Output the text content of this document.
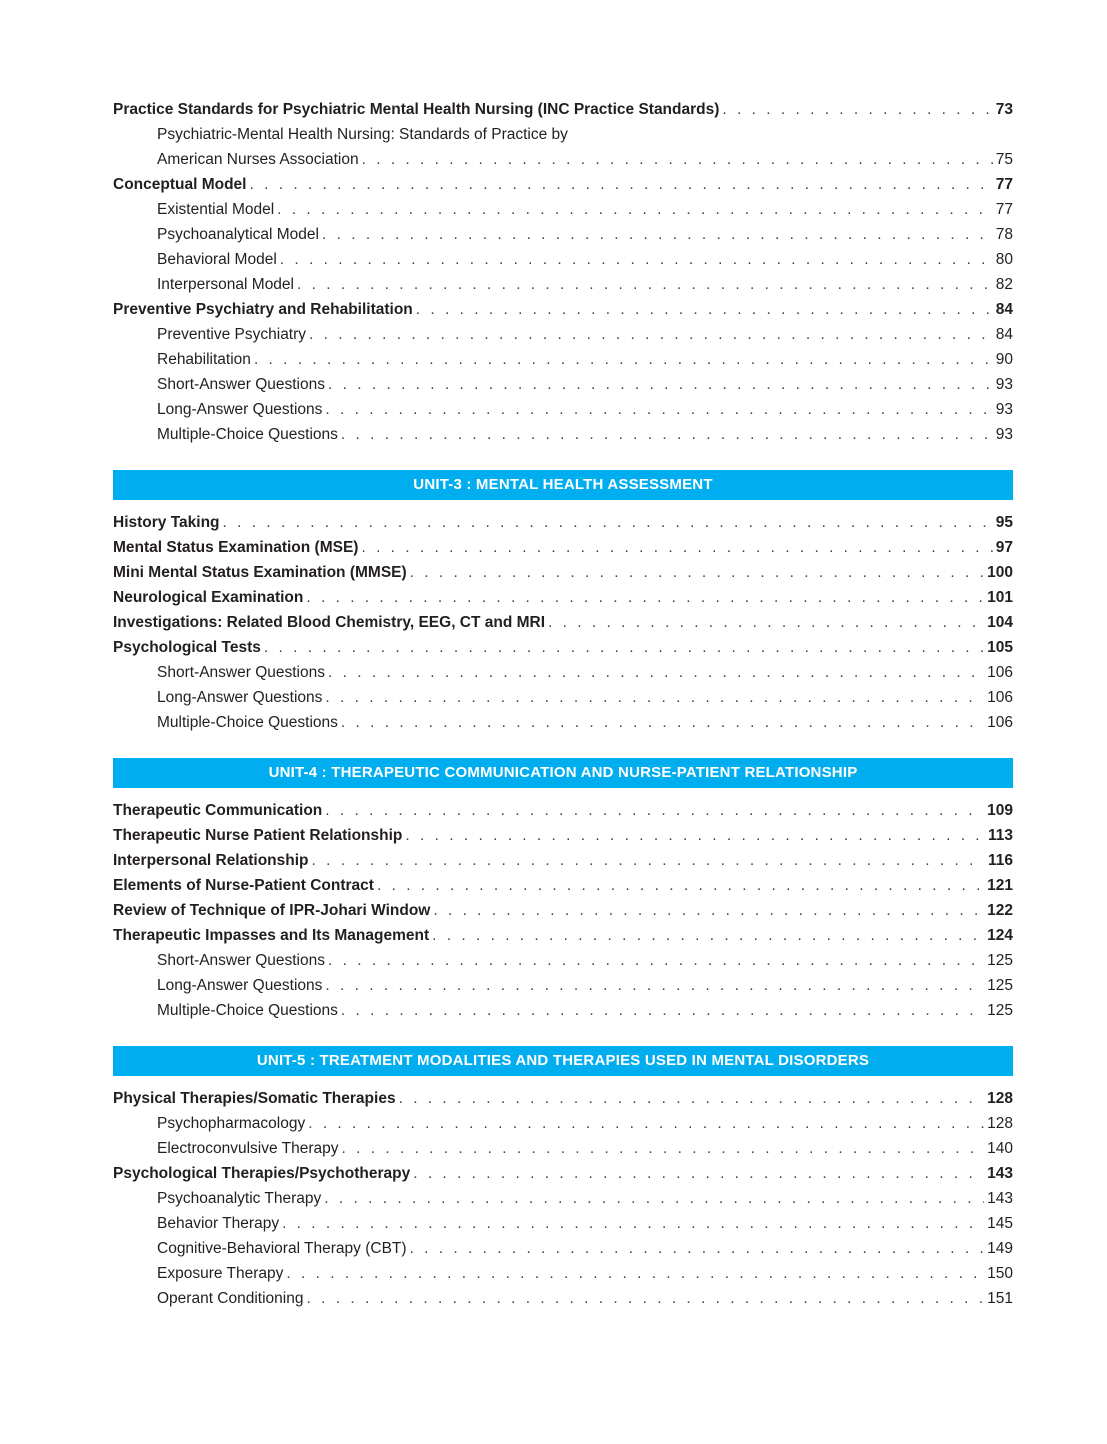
Practice Standards for Psychiatric Mental Health Nursing (INC Practice Standards) . . .	73
Psychiatric-Mental Health Nursing: Standards of Practice by
American Nurses Association . . .	75
Conceptual Model . . .	77
Existential Model . . .	77
Psychoanalytical Model . . .	78
Behavioral Model . . .	80
Interpersonal Model . . .	82
Preventive Psychiatry and Rehabilitation . . .	84
Preventive Psychiatry . . .	84
Rehabilitation . . .	90
Short-Answer Questions . . .	93
Long-Answer Questions . . .	93
Multiple-Choice Questions . . .	93
UNIT-3 : MENTAL HEALTH ASSESSMENT
History Taking . . .	95
Mental Status Examination (MSE) . . .	97
Mini Mental Status Examination (MMSE) . . .	100
Neurological Examination . . .	101
Investigations: Related Blood Chemistry, EEG, CT and MRI . . .	104
Psychological Tests . . .	105
Short-Answer Questions . . .	106
Long-Answer Questions . . .	106
Multiple-Choice Questions . . .	106
UNIT-4 : THERAPEUTIC COMMUNICATION AND NURSE-PATIENT RELATIONSHIP
Therapeutic Communication . . .	109
Therapeutic Nurse Patient Relationship . . .	113
Interpersonal Relationship . . .	116
Elements of Nurse-Patient Contract . . .	121
Review of Technique of IPR-Johari Window . . .	122
Therapeutic Impasses and Its Management . . .	124
Short-Answer Questions . . .	125
Long-Answer Questions . . .	125
Multiple-Choice Questions . . .	125
UNIT-5 : TREATMENT MODALITIES AND THERAPIES USED IN MENTAL DISORDERS
Physical Therapies/Somatic Therapies . . .	128
Psychopharmacology . . .	128
Electroconvulsive Therapy . . .	140
Psychological Therapies/Psychotherapy . . .	143
Psychoanalytic Therapy . . .	143
Behavior Therapy . . .	145
Cognitive-Behavioral Therapy (CBT) . . .	149
Exposure Therapy . . .	150
Operant Conditioning . . .	151
